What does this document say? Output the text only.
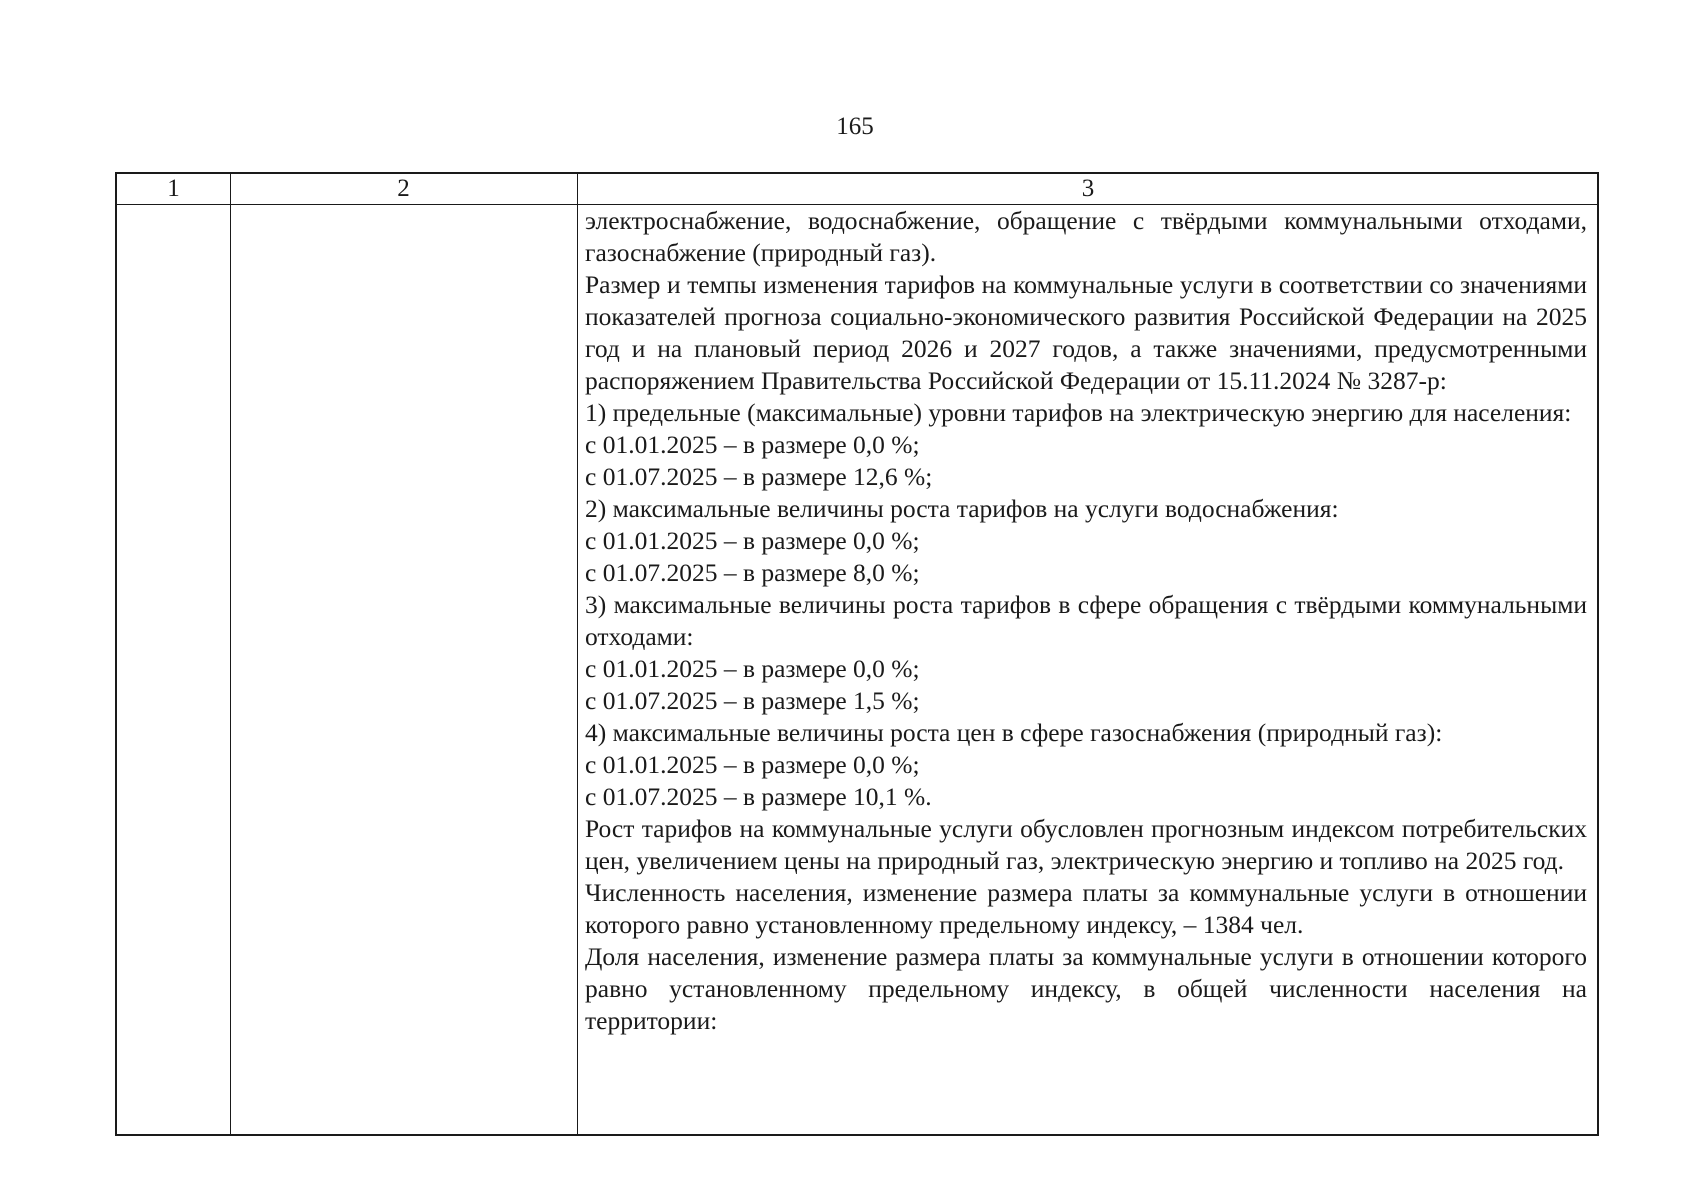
165
1	2	3

электроснабжение, водоснабжение, обращение с твёрдыми коммунальными отходами, газоснабжение (природный газ).

Размер и темпы изменения тарифов на коммунальные услуги в соответствии со значениями показателей прогноза социально-экономического развития Российской Федерации на 2025 год и на плановый период 2026 и 2027 годов, а также значениями, предусмотренными распоряжением Правительства Российской Федерации от 15.11.2024 № 3287-р:

1) предельные (максимальные) уровни тарифов на электрическую энергию для населения:

с 01.01.2025 – в размере 0,0 %;

с 01.07.2025 – в размере 12,6 %;

2) максимальные величины роста тарифов на услуги водоснабжения:

с 01.01.2025 – в размере 0,0 %;

с 01.07.2025 – в размере 8,0 %;

3) максимальные величины роста тарифов в сфере обращения с твёрдыми коммунальными отходами:

с 01.01.2025 – в размере 0,0 %;

с 01.07.2025 – в размере 1,5 %;

4) максимальные величины роста цен в сфере газоснабжения (природный газ):

с 01.01.2025 – в размере 0,0 %;

с 01.07.2025 – в размере 10,1 %.

Рост тарифов на коммунальные услуги обусловлен прогнозным индексом потребительских цен, увеличением цены на природный газ, электрическую энергию и топливо на 2025 год.

Численность населения, изменение размера платы за коммунальные услуги в отношении которого равно установленному предельному индексу, – 1384 чел.

Доля населения, изменение размера платы за коммунальные услуги в отношении которого равно установленному предельному индексу, в общей численности населения на территории:
